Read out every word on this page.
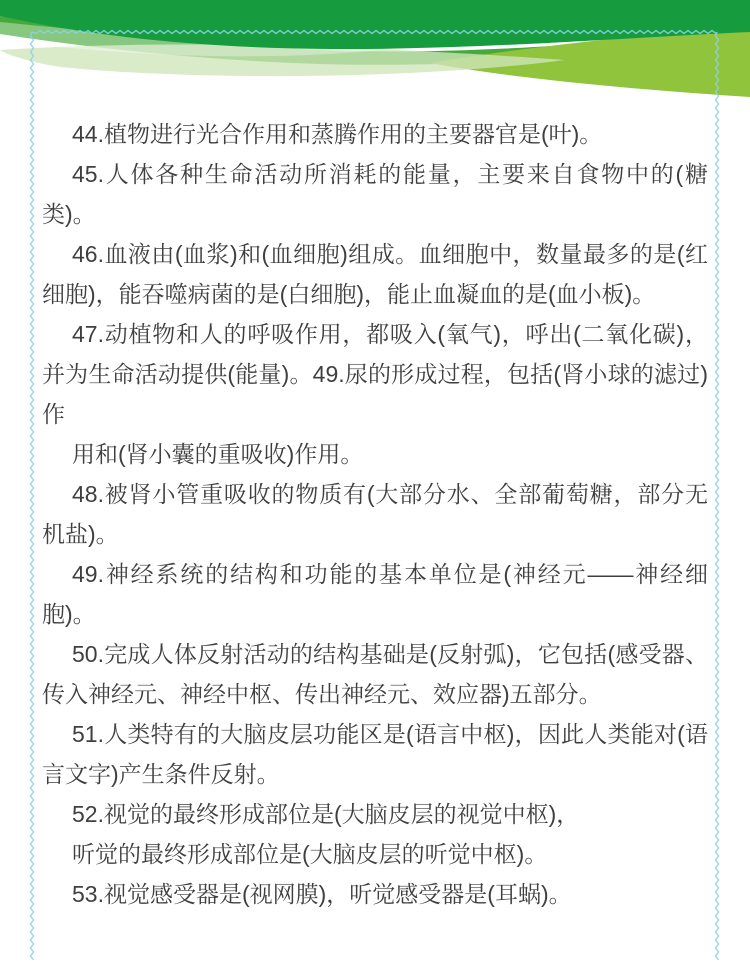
44.植物进行光合作用和蒸腾作用的主要器官是(叶)。

45.人体各种生命活动所消耗的能量，主要来自食物中的(糖类)。

46.血液由(血浆)和(血细胞)组成。血细胞中，数量最多的是(红细胞)，能吞噬病菌的是(白细胞)，能止血凝血的是(血小板)。

47.动植物和人的呼吸作用，都吸入(氧气)，呼出(二氧化碳)，并为生命活动提供(能量)。49.尿的形成过程，包括(肾小球的滤过)作

用和(肾小囊的重吸收)作用。

48.被肾小管重吸收的物质有(大部分水、全部葡萄糖，部分无机盐)。

49.神经系统的结构和功能的基本单位是(神经元——神经细胞)。

50.完成人体反射活动的结构基础是(反射弧)，它包括(感受器、传入神经元、神经中枢、传出神经元、效应器)五部分。

51.人类特有的大脑皮层功能区是(语言中枢)，因此人类能对(语言文字)产生条件反射。

52.视觉的最终形成部位是(大脑皮层的视觉中枢)，

听觉的最终形成部位是(大脑皮层的听觉中枢)。

53.视觉感受器是(视网膜)，听觉感受器是(耳蜗)。
